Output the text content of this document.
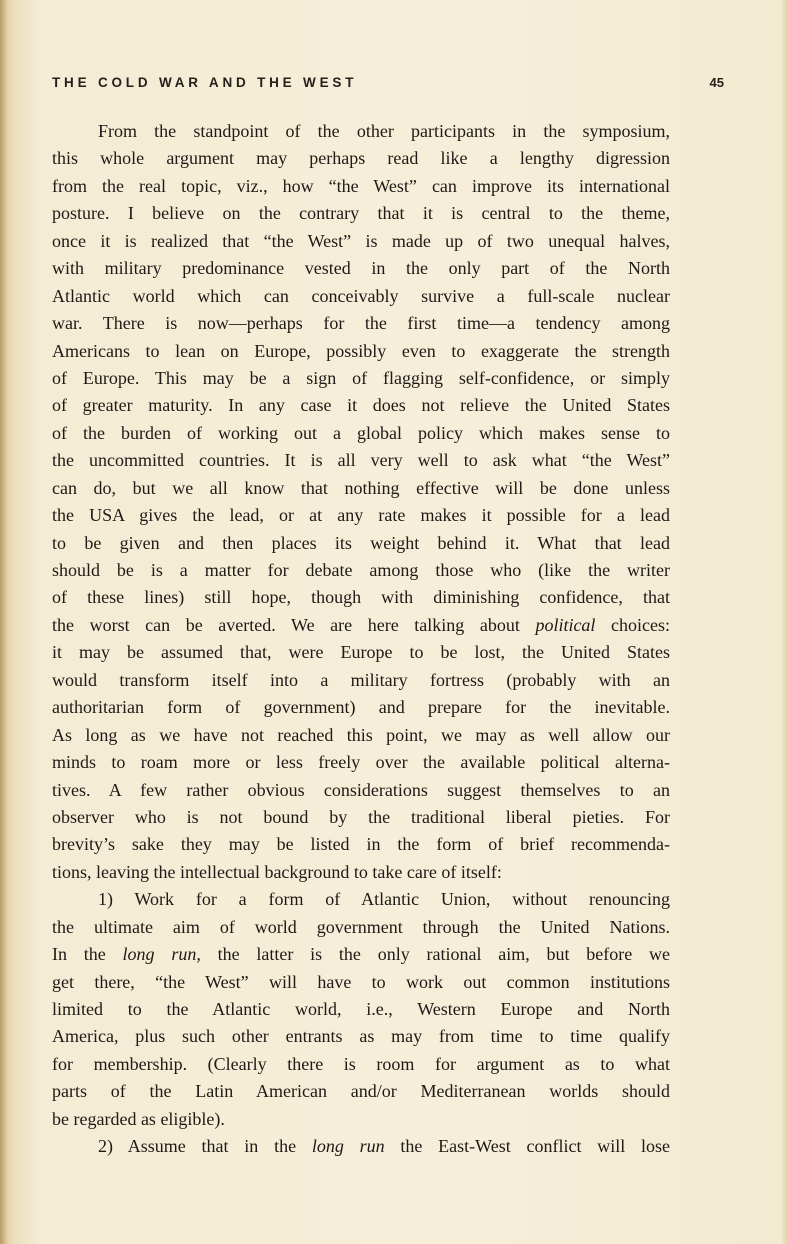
THE COLD WAR AND THE WEST	45
From the standpoint of the other participants in the symposium,
this whole argument may perhaps read like a lengthy digression
from the real topic, viz., how “the West” can improve its international
posture. I believe on the contrary that it is central to the theme,
once it is realized that “the West” is made up of two unequal halves,
with military predominance vested in the only part of the North
Atlantic world which can conceivably survive a full-scale nuclear
war. There is now—perhaps for the first time—a tendency among
Americans to lean on Europe, possibly even to exaggerate the strength
of Europe. This may be a sign of flagging self-confidence, or simply
of greater maturity. In any case it does not relieve the United States
of the burden of working out a global policy which makes sense to
the uncommitted countries. It is all very well to ask what “the West”
can do, but we all know that nothing effective will be done unless
the USA gives the lead, or at any rate makes it possible for a lead
to be given and then places its weight behind it. What that lead
should be is a matter for debate among those who (like the writer
of these lines) still hope, though with diminishing confidence, that
the worst can be averted. We are here talking about political choices:
it may be assumed that, were Europe to be lost, the United States
would transform itself into a military fortress (probably with an
authoritarian form of government) and prepare for the inevitable.
As long as we have not reached this point, we may as well allow our
minds to roam more or less freely over the available political alterna-
tives. A few rather obvious considerations suggest themselves to an
observer who is not bound by the traditional liberal pieties. For
brevity’s sake they may be listed in the form of brief recommenda-
tions, leaving the intellectual background to take care of itself:
1) Work for a form of Atlantic Union, without renouncing
the ultimate aim of world government through the United Nations.
In the long run, the latter is the only rational aim, but before we
get there, “the West” will have to work out common institutions
limited to the Atlantic world, i.e., Western Europe and North
America, plus such other entrants as may from time to time qualify
for membership. (Clearly there is room for argument as to what
parts of the Latin American and/or Mediterranean worlds should
be regarded as eligible).
2) Assume that in the long run the East-West conflict will lose
